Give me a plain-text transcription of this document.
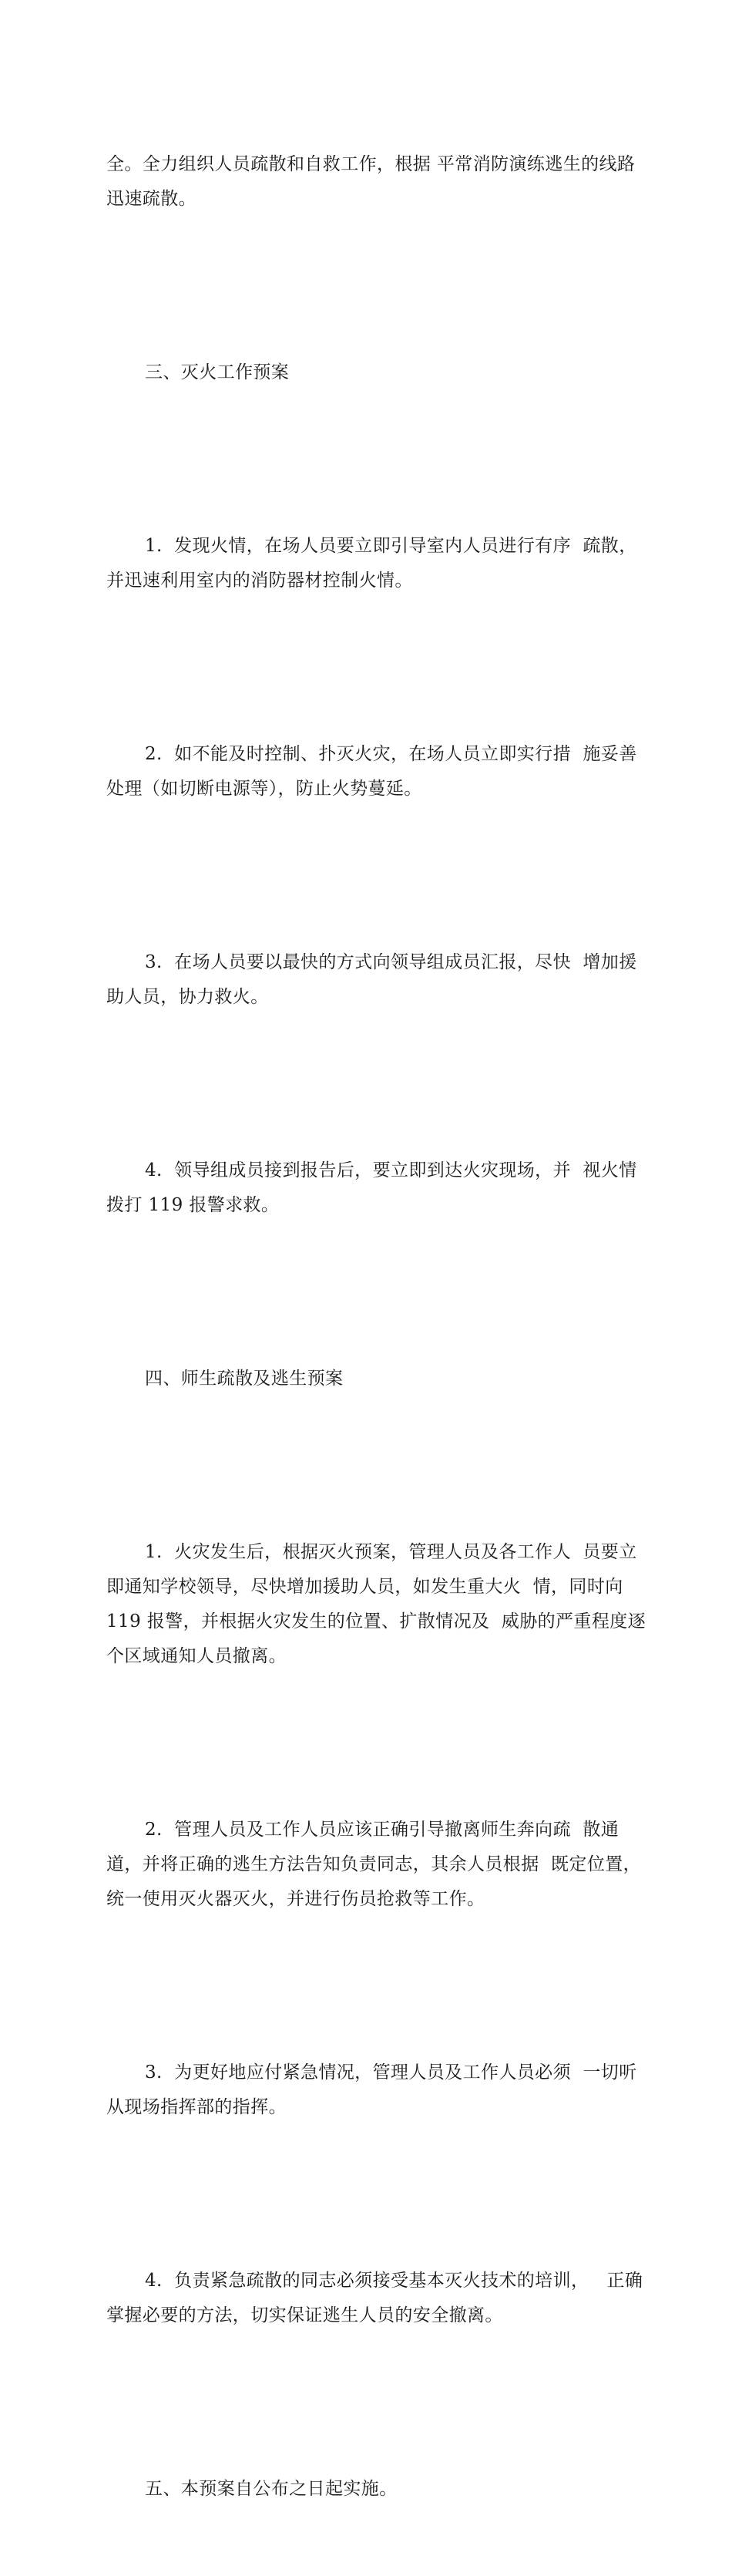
全。全力组织人员疏散和自救工作，根据 平常消防演练逃生的线路
迅速疏散。

三、灭火工作预案

1.  发现火情，在场人员要立即引导室内人员进行有序  疏散，
并迅速利用室内的消防器材控制火情。

2.  如不能及时控制、扑灭火灾，在场人员立即实行措  施妥善
处理（如切断电源等），防止火势蔓延。

3.  在场人员要以最快的方式向领导组成员汇报，尽快  增加援
助人员，协力救火。

4.  领导组成员接到报告后，要立即到达火灾现场，并  视火情
拨打 119 报警求救。

四、师生疏散及逃生预案

1.  火灾发生后，根据灭火预案，管理人员及各工作人  员要立
即通知学校领导，尽快增加援助人员，如发生重大火  情，同时向
119 报警，并根据火灾发生的位置、扩散情况及  威胁的严重程度逐
个区域通知人员撤离。

2.  管理人员及工作人员应该正确引导撤离师生奔向疏  散通
道，并将正确的逃生方法告知负责同志，其余人员根据  既定位置，
统一使用灭火器灭火，并进行伤员抢救等工作。

3.  为更好地应付紧急情况，管理人员及工作人员必须  一切听
从现场指挥部的指挥。

4.  负责紧急疏散的同志必须接受基本灭火技术的培训，   正确
掌握必要的方法，切实保证逃生人员的安全撤离。

五、本预案自公布之日起实施。
